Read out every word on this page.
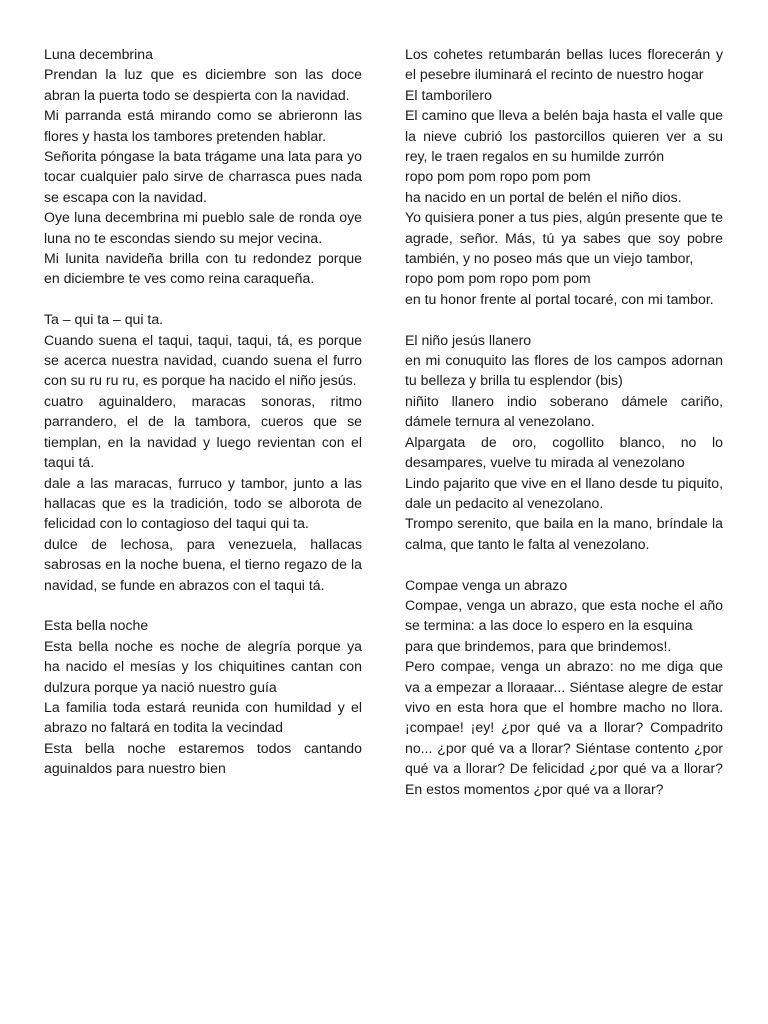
Luna decembrina

Prendan la luz que es diciembre son las doce abran la puerta todo se despierta con la navidad.

Mi parranda está mirando como se abrieronn las flores y hasta los tambores pretenden hablar.

Señorita póngase la bata trágame una lata para yo tocar cualquier palo sirve de charrasca pues nada se escapa con la navidad.

Oye luna decembrina mi pueblo sale de ronda oye luna no te escondas siendo su mejor vecina.

Mi lunita navideña brilla con tu redondez porque en diciembre te ves como reina caraqueña.

Ta – qui ta – qui ta.

Cuando suena el taqui, taqui, taqui, tá, es porque se acerca nuestra navidad, cuando suena el furro con su ru ru ru, es porque ha nacido el niño jesús.

cuatro aguinaldero, maracas sonoras, ritmo parrandero, el de la tambora, cueros que se tiemplan, en la navidad y luego revientan con el taqui tá.

dale a las maracas, furruco y tambor, junto a las hallacas que es la tradición, todo se alborota de felicidad con lo contagioso del taqui qui ta.

dulce de lechosa, para venezuela, hallacas sabrosas en la noche buena, el tierno regazo de la navidad, se funde en abrazos con el taqui tá.

Esta bella noche

Esta bella noche es noche de alegría porque ya ha nacido el mesías y los chiquitines cantan con dulzura porque ya nació nuestro guía

La familia toda estará reunida con humildad y el abrazo no faltará en todita la vecindad

Esta bella noche estaremos todos cantando aguinaldos para nuestro bien

Los cohetes retumbarán bellas luces florecerán y el pesebre iluminará el recinto de nuestro hogar

El tamborilero

El camino que lleva a belén baja hasta el valle que la nieve cubrió los pastorcillos quieren ver a su rey, le traen regalos en su humilde zurrón

ropo pom pom ropo pom pom

ha nacido en un portal de belén el niño dios.

Yo quisiera poner a tus pies, algún presente que te agrade, señor. Más, tú ya sabes que soy pobre también, y no poseo más que un viejo tambor,

ropo pom pom ropo pom pom

en tu honor frente al portal tocaré, con mi tambor.

El niño jesús llanero

en mi conuquito las flores de los campos adornan tu belleza y brilla tu esplendor (bis)

niñito llanero indio soberano dámele cariño, dámele ternura al venezolano.

Alpargata de oro, cogollito blanco, no lo desampares, vuelve tu mirada al venezolano

Lindo pajarito que vive en el llano desde tu piquito, dale un pedacito al venezolano.

Trompo serenito, que baila en la mano, bríndale la calma, que tanto le falta al venezolano.

Compae venga un abrazo

Compae, venga un abrazo, que esta noche el año se termina: a las doce lo espero en la esquina

para que brindemos, para que brindemos!.

Pero compae, venga un abrazo: no me diga que va a empezar a lloraaar... Siéntase alegre de estar vivo en esta hora que el hombre macho no llora. ¡compae! ¡ey! ¿por qué va a llorar? Compadrito no... ¿por qué va a llorar? Siéntase contento ¿por qué va a llorar? De felicidad ¿por qué va a llorar? En estos momentos ¿por qué va a llorar?
